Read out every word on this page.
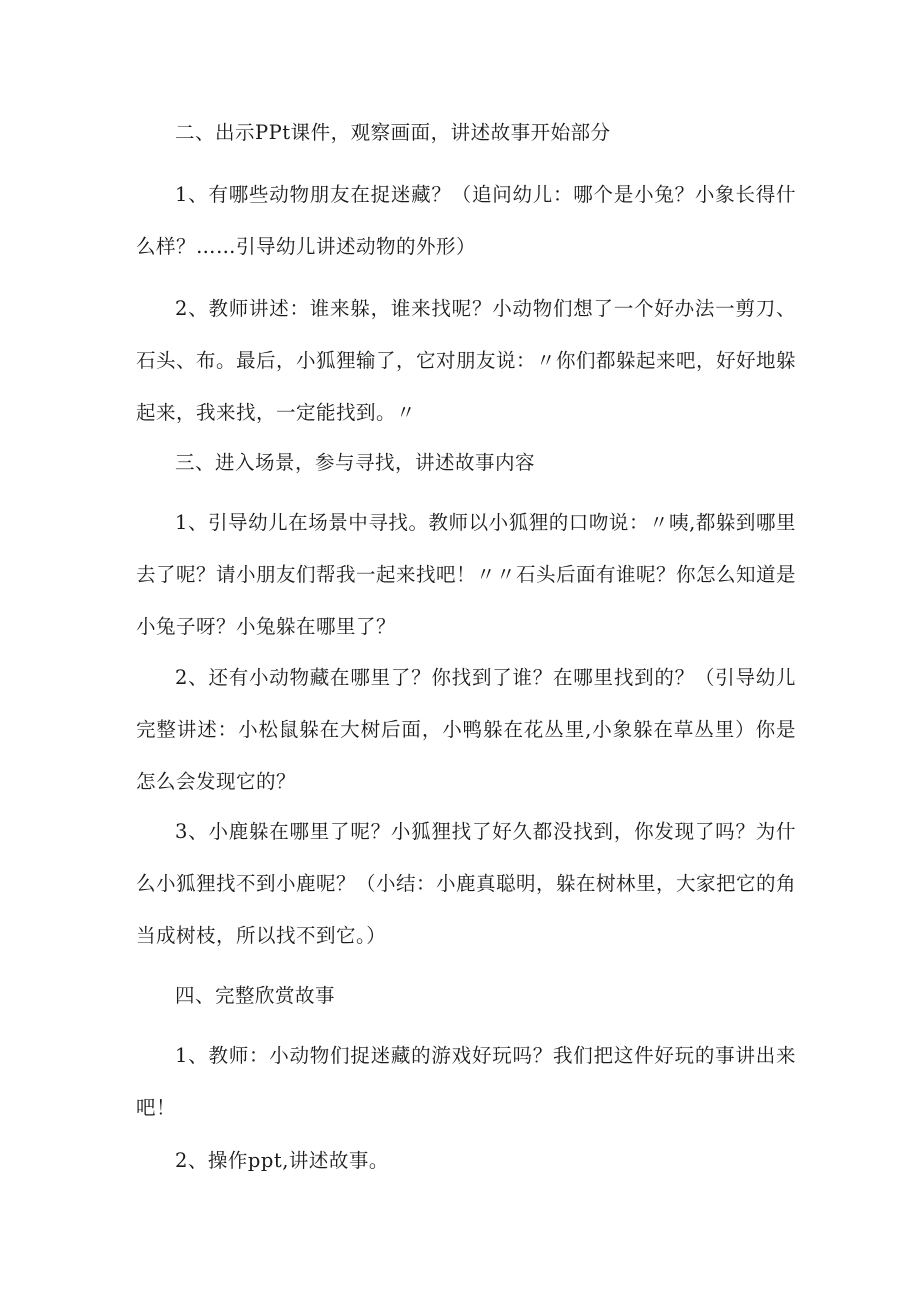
二、出示PPt课件，观察画面，讲述故事开始部分

1、有哪些动物朋友在捉迷藏？（追问幼儿：哪个是小兔？小象长得什么样？……引导幼儿讲述动物的外形）

2、教师讲述：谁来躲，谁来找呢？小动物们想了一个好办法一剪刀、石头、布。最后，小狐狸输了，它对朋友说：〃你们都躲起来吧，好好地躲起来，我来找，一定能找到。〃

三、进入场景，参与寻找，讲述故事内容

1、引导幼儿在场景中寻找。教师以小狐狸的口吻说：〃咦,都躲到哪里去了呢？请小朋友们帮我一起来找吧！〃〃石头后面有谁呢？你怎么知道是小兔子呀？小兔躲在哪里了？

2、还有小动物藏在哪里了？你找到了谁？在哪里找到的？（引导幼儿完整讲述：小松鼠躲在大树后面，小鸭躲在花丛里,小象躲在草丛里）你是怎么会发现它的？

3、小鹿躲在哪里了呢？小狐狸找了好久都没找到，你发现了吗？为什么小狐狸找不到小鹿呢？（小结：小鹿真聪明，躲在树林里，大家把它的角当成树枝，所以找不到它。）

四、完整欣赏故事

1、教师：小动物们捉迷藏的游戏好玩吗？我们把这件好玩的事讲出来吧！

2、操作ppt,讲述故事。
